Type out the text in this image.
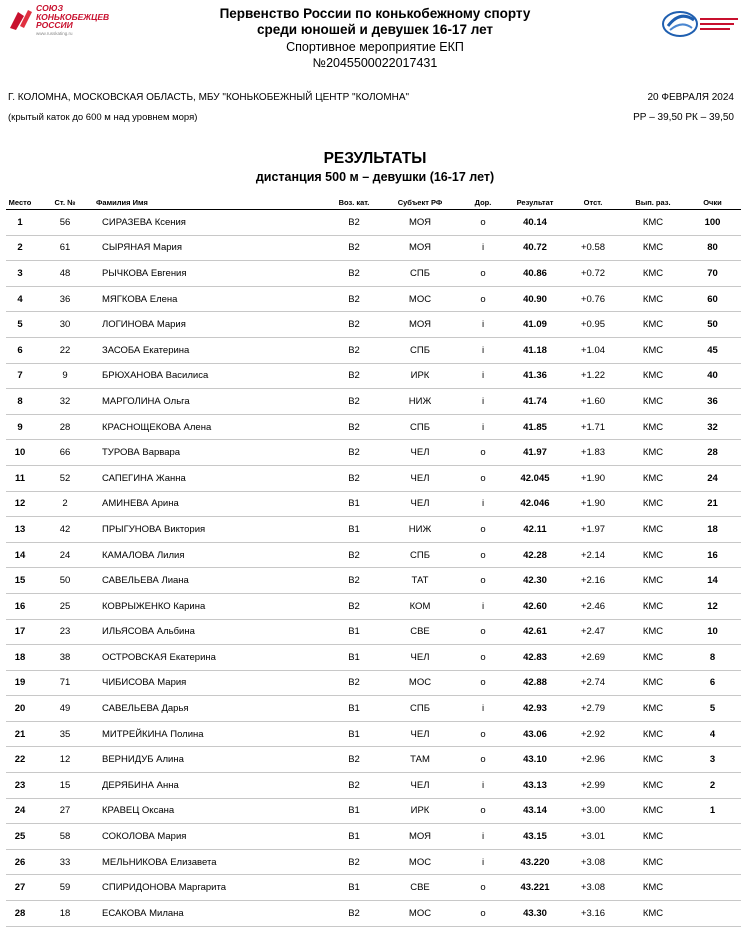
СОЮЗ
КОНЬКОБЕЖЦЕВ
РОССИИ
www.russkating.ru
Первенство России по конькобежному спорту
среди юношей и девушек 16-17 лет
Спортивное мероприятие ЕКП
№2045500022017431
Г. КОЛОМНА, МОСКОВСКАЯ ОБЛАСТЬ, МБУ "КОНЬКОБЕЖНЫЙ ЦЕНТР "КОЛОМНА"
(крытый каток до 600 м над уровнем моря)
20 ФЕВРАЛЯ 2024
РР – 39,50 РК – 39,50
РЕЗУЛЬТАТЫ
дистанция 500 м – девушки (16-17 лет)
Место	Ст. №	Фамилия Имя	Воз. кат.	Субъект РФ	Дор.	Результат	Отст.	Вып. раз.	Очки
1	56	СИРАЗЕВА Ксения	В2	МОЯ	o	40.14		КМС	100
2	61	СЫРЯНАЯ Мария	В2	МОЯ	i	40.72	+0.58	КМС	80
3	48	РЫЧКОВА Евгения	В2	СПБ	o	40.86	+0.72	КМС	70
4	36	МЯГКОВА Елена	В2	МОС	o	40.90	+0.76	КМС	60
5	30	ЛОГИНОВА Мария	В2	МОЯ	i	41.09	+0.95	КМС	50
6	22	ЗАСОБА Екатерина	В2	СПБ	i	41.18	+1.04	КМС	45
7	9	БРЮХАНОВА Василиса	В2	ИРК	i	41.36	+1.22	КМС	40
8	32	МАРГОЛИНА Ольга	В2	НИЖ	i	41.74	+1.60	КМС	36
9	28	КРАСНОЩЕКОВА Алена	В2	СПБ	i	41.85	+1.71	КМС	32
10	66	ТУРОВА Варвара	В2	ЧЕЛ	o	41.97	+1.83	КМС	28
11	52	САПЕГИНА Жанна	В2	ЧЕЛ	o	42.045	+1.90	КМС	24
12	2	АМИНЕВА Арина	В1	ЧЕЛ	i	42.046	+1.90	КМС	21
13	42	ПРЫГУНОВА Виктория	В1	НИЖ	o	42.11	+1.97	КМС	18
14	24	КАМАЛОВА Лилия	В2	СПБ	o	42.28	+2.14	КМС	16
15	50	САВЕЛЬЕВА Лиана	В2	ТАТ	o	42.30	+2.16	КМС	14
16	25	КОВРЫЖЕНКО Карина	В2	КОМ	i	42.60	+2.46	КМС	12
17	23	ИЛЬЯСОВА Альбина	В1	СВЕ	o	42.61	+2.47	КМС	10
18	38	ОСТРОВСКАЯ Екатерина	В1	ЧЕЛ	o	42.83	+2.69	КМС	8
19	71	ЧИБИСОВА Мария	В2	МОС	o	42.88	+2.74	КМС	6
20	49	САВЕЛЬЕВА Дарья	В1	СПБ	i	42.93	+2.79	КМС	5
21	35	МИТРЕЙКИНА Полина	В1	ЧЕЛ	o	43.06	+2.92	КМС	4
22	12	ВЕРНИДУБ Алина	В2	ТАМ	o	43.10	+2.96	КМС	3
23	15	ДЕРЯБИНА Анна	В2	ЧЕЛ	i	43.13	+2.99	КМС	2
24	27	КРАВЕЦ Оксана	В1	ИРК	o	43.14	+3.00	КМС	1
25	58	СОКОЛОВА Мария	В1	МОЯ	i	43.15	+3.01	КМС	
26	33	МЕЛЬНИКОВА Елизавета	В2	МОС	i	43.220	+3.08	КМС	
27	59	СПИРИДОНОВА Маргарита	В1	СВЕ	o	43.221	+3.08	КМС	
28	18	ЕСАКОВА Милана	В2	МОС	o	43.30	+3.16	КМС	
